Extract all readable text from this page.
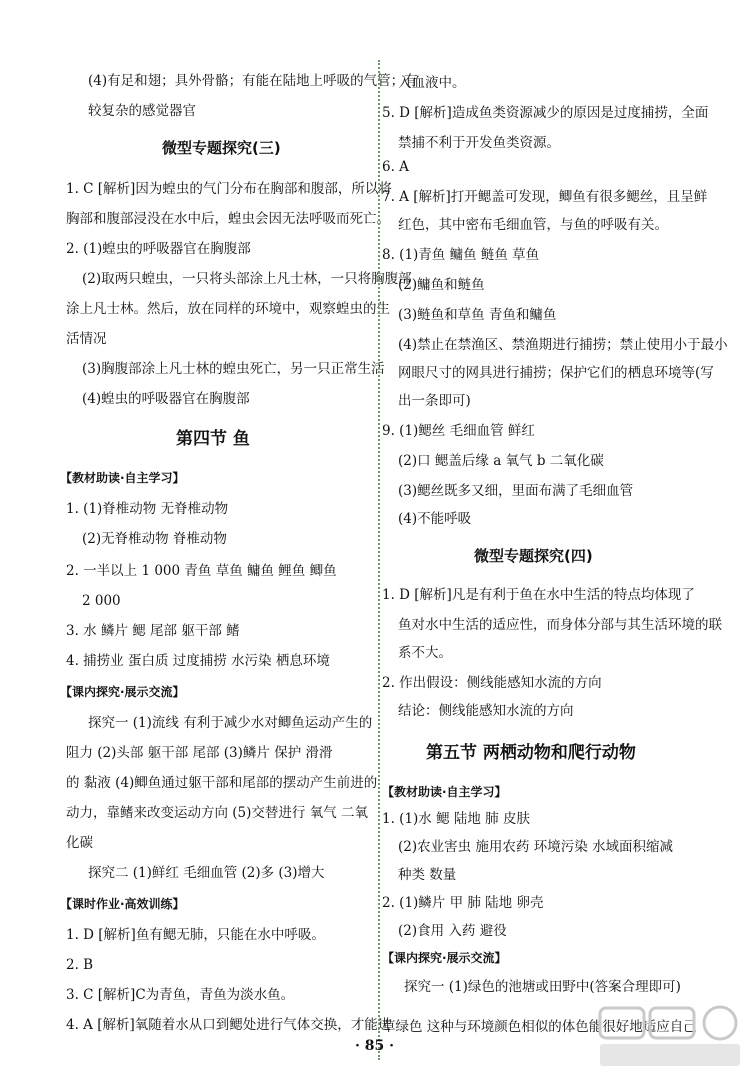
(4)有足和翅；具外骨骼；有能在陆地上呼吸的气管；有
较复杂的感觉器官
微型专题探究(三)
1. C [解析]因为蝗虫的气门分布在胸部和腹部，所以将
胸部和腹部浸没在水中后，蝗虫会因无法呼吸而死亡。
2. (1)蝗虫的呼吸器官在胸腹部
(2)取两只蝗虫，一只将头部涂上凡士林，一只将胸腹部
涂上凡士林。然后，放在同样的环境中，观察蝗虫的生
活情况
(3)胸腹部涂上凡士林的蝗虫死亡，另一只正常生活
(4)蝗虫的呼吸器官在胸腹部
第四节 鱼
【教材助读·自主学习】
1. (1)脊椎动物 无脊椎动物
(2)无脊椎动物 脊椎动物
2. 一半以上 1 000 青鱼 草鱼 鳙鱼 鲤鱼 鲫鱼
2 000
3. 水 鳞片 鳃 尾部 躯干部 鳍
4. 捕捞业 蛋白质 过度捕捞 水污染 栖息环境
【课内探究·展示交流】
探究一 (1)流线 有利于减少水对鲫鱼运动产生的
阻力 (2)头部 躯干部 尾部 (3)鳞片 保护 滑滑
的 黏液 (4)鲫鱼通过躯干部和尾部的摆动产生前进的
动力，靠鳍来改变运动方向 (5)交替进行 氧气 二氧
化碳
探究二 (1)鲜红 毛细血管 (2)多 (3)增大
【课时作业·高效训练】
1. D [解析]鱼有鳃无肺，只能在水中呼吸。
2. B
3. C [解析]C为青鱼，青鱼为淡水鱼。
4. A [解析]氧随着水从口到鳃处进行气体交换，才能进
入血液中。
5. D [解析]造成鱼类资源减少的原因是过度捕捞，全面
禁捕不利于开发鱼类资源。
6. A
7. A [解析]打开鳃盖可发现，鲫鱼有很多鳃丝，且呈鲜
红色，其中密布毛细血管，与鱼的呼吸有关。
8. (1)青鱼 鳙鱼 鲢鱼 草鱼
(2)鳙鱼和鲢鱼
(3)鲢鱼和草鱼 青鱼和鳙鱼
(4)禁止在禁渔区、禁渔期进行捕捞；禁止使用小于最小
网眼尺寸的网具进行捕捞；保护它们的栖息环境等(写
出一条即可)
9. (1)鳃丝 毛细血管 鲜红
(2)口 鳃盖后缘 a 氧气 b 二氧化碳
(3)鳃丝既多又细，里面布满了毛细血管
(4)不能呼吸
微型专题探究(四)
1. D [解析]凡是有利于鱼在水中生活的特点均体现了
鱼对水中生活的适应性，而身体分部与其生活环境的联
系不大。
2. 作出假设：侧线能感知水流的方向
结论：侧线能感知水流的方向
第五节 两栖动物和爬行动物
【教材助读·自主学习】
1. (1)水 鳃 陆地 肺 皮肤
(2)农业害虫 施用农药 环境污染 水域面积缩减
种类 数量
2. (1)鳞片 甲 肺 陆地 卵壳
(2)食用 入药 避役
【课内探究·展示交流】
探究一 (1)绿色的池塘或田野中(答案合理即可)
草绿色 这种与环境颜色相似的体色能很好地适应自己
· 85 ·
